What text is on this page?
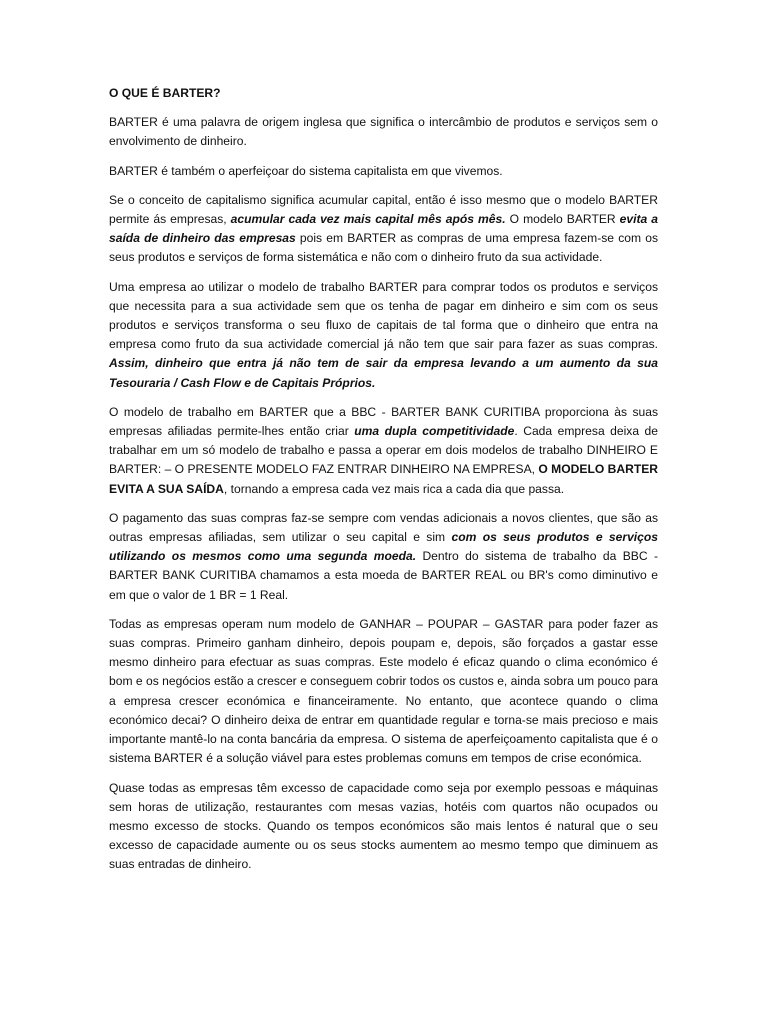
O QUE É BARTER?

BARTER é uma palavra de origem inglesa que significa o intercâmbio de produtos e serviços sem o envolvimento de dinheiro.

BARTER é também o aperfeiçoar do sistema capitalista em que vivemos.

Se o conceito de capitalismo significa acumular capital, então é isso mesmo que o modelo BARTER permite ás empresas, acumular cada vez mais capital mês após mês. O modelo BARTER evita a saída de dinheiro das empresas pois em BARTER as compras de uma empresa fazem-se com os seus produtos e serviços de forma sistemática e não com o dinheiro fruto da sua actividade.

Uma empresa ao utilizar o modelo de trabalho BARTER para comprar todos os produtos e serviços que necessita para a sua actividade sem que os tenha de pagar em dinheiro e sim com os seus produtos e serviços transforma o seu fluxo de capitais de tal forma que o dinheiro que entra na empresa como fruto da sua actividade comercial já não tem que sair para fazer as suas compras. Assim, dinheiro que entra já não tem de sair da empresa levando a um aumento da sua Tesouraria / Cash Flow e de Capitais Próprios.

O modelo de trabalho em BARTER que a BBC - BARTER BANK CURITIBA proporciona às suas empresas afiliadas permite-lhes então criar uma dupla competitividade. Cada empresa deixa de trabalhar em um só modelo de trabalho e passa a operar em dois modelos de trabalho DINHEIRO E BARTER: – O PRESENTE MODELO FAZ ENTRAR DINHEIRO NA EMPRESA, O MODELO BARTER EVITA A SUA SAÍDA, tornando a empresa cada vez mais rica a cada dia que passa.

O pagamento das suas compras faz-se sempre com vendas adicionais a novos clientes, que são as outras empresas afiliadas, sem utilizar o seu capital e sim com os seus produtos e serviços utilizando os mesmos como uma segunda moeda. Dentro do sistema de trabalho da BBC - BARTER BANK CURITIBA chamamos a esta moeda de BARTER REAL ou BR's como diminutivo e em que o valor de 1 BR = 1 Real.

Todas as empresas operam num modelo de GANHAR – POUPAR – GASTAR para poder fazer as suas compras. Primeiro ganham dinheiro, depois poupam e, depois, são forçados a gastar esse mesmo dinheiro para efectuar as suas compras. Este modelo é eficaz quando o clima económico é bom e os negócios estão a crescer e conseguem cobrir todos os custos e, ainda sobra um pouco para a empresa crescer económica e financeiramente. No entanto, que acontece quando o clima económico decai? O dinheiro deixa de entrar em quantidade regular e torna-se mais precioso e mais importante mantê-lo na conta bancária da empresa. O sistema de aperfeiçoamento capitalista que é o sistema BARTER é a solução viável para estes problemas comuns em tempos de crise económica.

Quase todas as empresas têm excesso de capacidade como seja por exemplo pessoas e máquinas sem horas de utilização, restaurantes com mesas vazias, hotéis com quartos não ocupados ou mesmo excesso de stocks. Quando os tempos económicos são mais lentos é natural que o seu excesso de capacidade aumente ou os seus stocks aumentem ao mesmo tempo que diminuem as suas entradas de dinheiro.
